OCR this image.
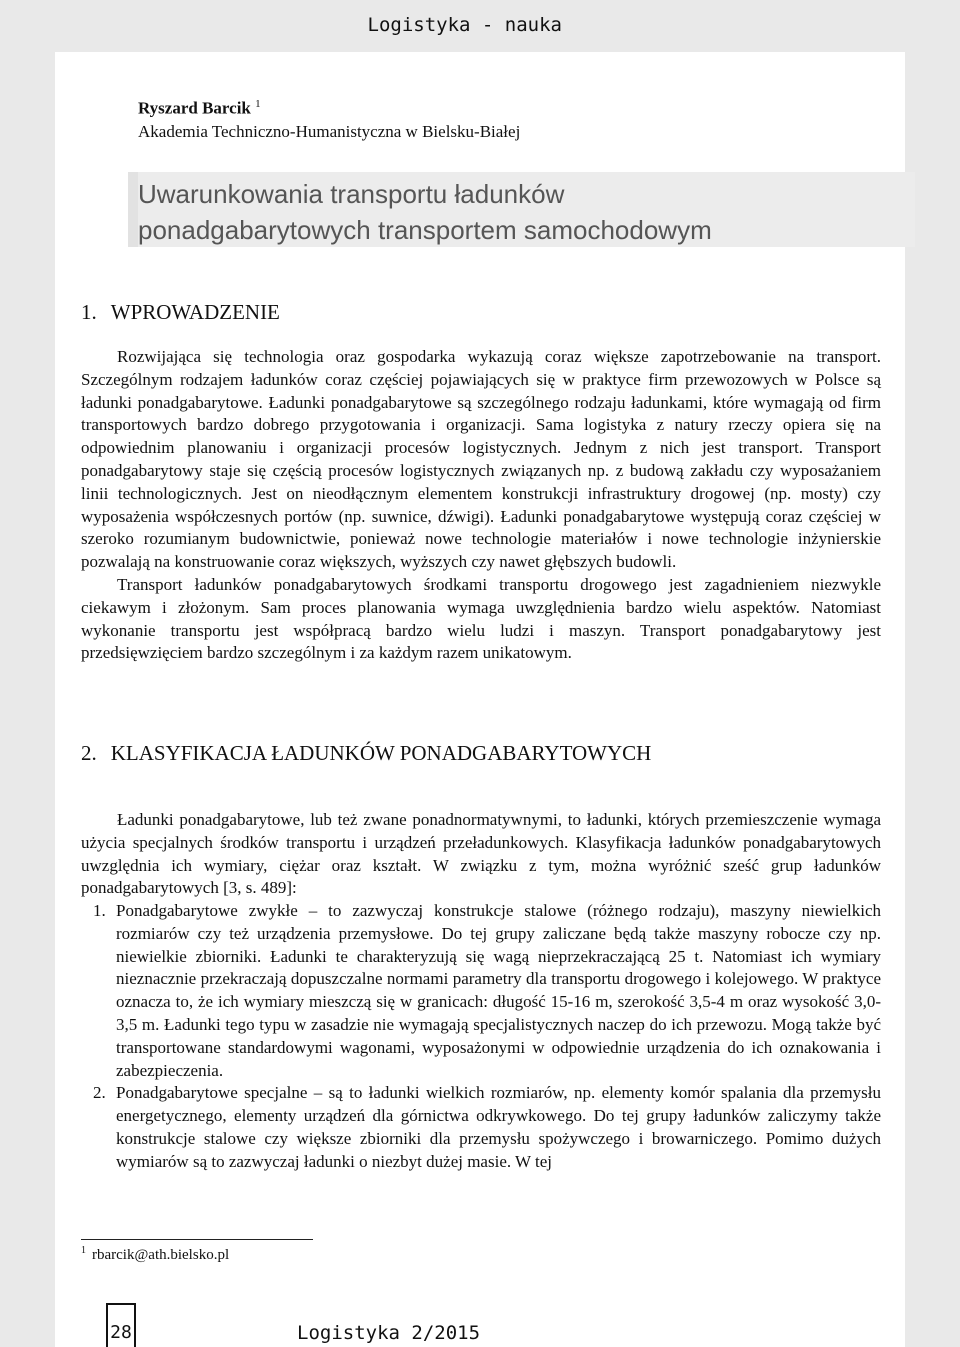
Logistyka - nauka
Ryszard Barcik $^1$
Akademia Techniczno-Humanistyczna w Bielsku-Białej
Uwarunkowania transportu ładunków
ponadgabarytowych transportem samochodowym
1. WPROWADZENIE

Rozwijająca się technologia oraz gospodarka wykazują coraz większe zapotrzebowanie na transport. Szczególnym rodzajem ładunków coraz częściej pojawiających się w praktyce firm przewozowych w Polsce są ładunki ponadgabarytowe. Ładunki ponadgabarytowe są szczególnego rodzaju ładunkami, które wymagają od firm transportowych bardzo dobrego przygotowania i organizacji. Sama logistyka z natury rzeczy opiera się na odpowiednim planowaniu i organizacji procesów logistycznych. Jednym z nich jest transport. Transport ponadgabarytowy staje się częścią procesów logistycznych związanych np. z budową zakładu czy wyposażaniem linii technologicznych. Jest on nieodłącznym elementem konstrukcji infrastruktury drogowej (np. mosty) czy wyposażenia współczesnych portów (np. suwnice, dźwigi). Ładunki ponadgabarytowe występują coraz częściej w szeroko rozumianym budownictwie, ponieważ nowe technologie materiałów i nowe technologie inżynierskie pozwalają na konstruowanie coraz większych, wyższych czy nawet głębszych budowli.

Transport ładunków ponadgabarytowych środkami transportu drogowego jest zagadnieniem niezwykle ciekawym i złożonym. Sam proces planowania wymaga uwzględnienia bardzo wielu aspektów. Natomiast wykonanie transportu jest współpracą bardzo wielu ludzi i maszyn. Transport ponadgabarytowy jest przedsięwzięciem bardzo szczególnym i za każdym razem unikatowym.

2. KLASYFIKACJA ŁADUNKÓW PONADGABARYTOWYCH

Ładunki ponadgabarytowe, lub też zwane ponadnormatywnymi, to ładunki, których przemieszczenie wymaga użycia specjalnych środków transportu i urządzeń przeładunkowych. Klasyfikacja ładunków ponadgabarytowych uwzględnia ich wymiary, ciężar oraz kształt. W związku z tym, można wyróżnić sześć grup ładunków ponadgabarytowych [3, s. 489]:

1. Ponadgabarytowe zwykłe – to zazwyczaj konstrukcje stalowe (różnego rodzaju), maszyny niewielkich rozmiarów czy też urządzenia przemysłowe. Do tej grupy zaliczane będą także maszyny robocze czy np. niewielkie zbiorniki. Ładunki te charakteryzują się wagą nieprzekraczającą 25 t. Natomiast ich wymiary nieznacznie przekraczają dopuszczalne normami parametry dla transportu drogowego i kolejowego. W praktyce oznacza to, że ich wymiary mieszczą się w granicach: długość 15-16 m, szerokość 3,5-4 m oraz wysokość 3,0-3,5 m. Ładunki tego typu w zasadzie nie wymagają specjalistycznych naczep do ich przewozu. Mogą także być transportowane standardowymi wagonami, wyposażonymi w odpowiednie urządzenia do ich oznakowania i zabezpieczenia.
2. Ponadgabarytowe specjalne – są to ładunki wielkich rozmiarów, np. elementy komór spalania dla przemysłu energetycznego, elementy urządzeń dla górnictwa odkrywkowego. Do tej grupy ładunków zaliczymy także konstrukcje stalowe czy większe zbiorniki dla przemysłu spożywczego i browarniczego. Pomimo dużych wymiarów są to zazwyczaj ładunki o niezbyt dużej masie. W tej
$^1$ rbarcik@ath.bielsko.pl
28	Logistyka 2/2015
